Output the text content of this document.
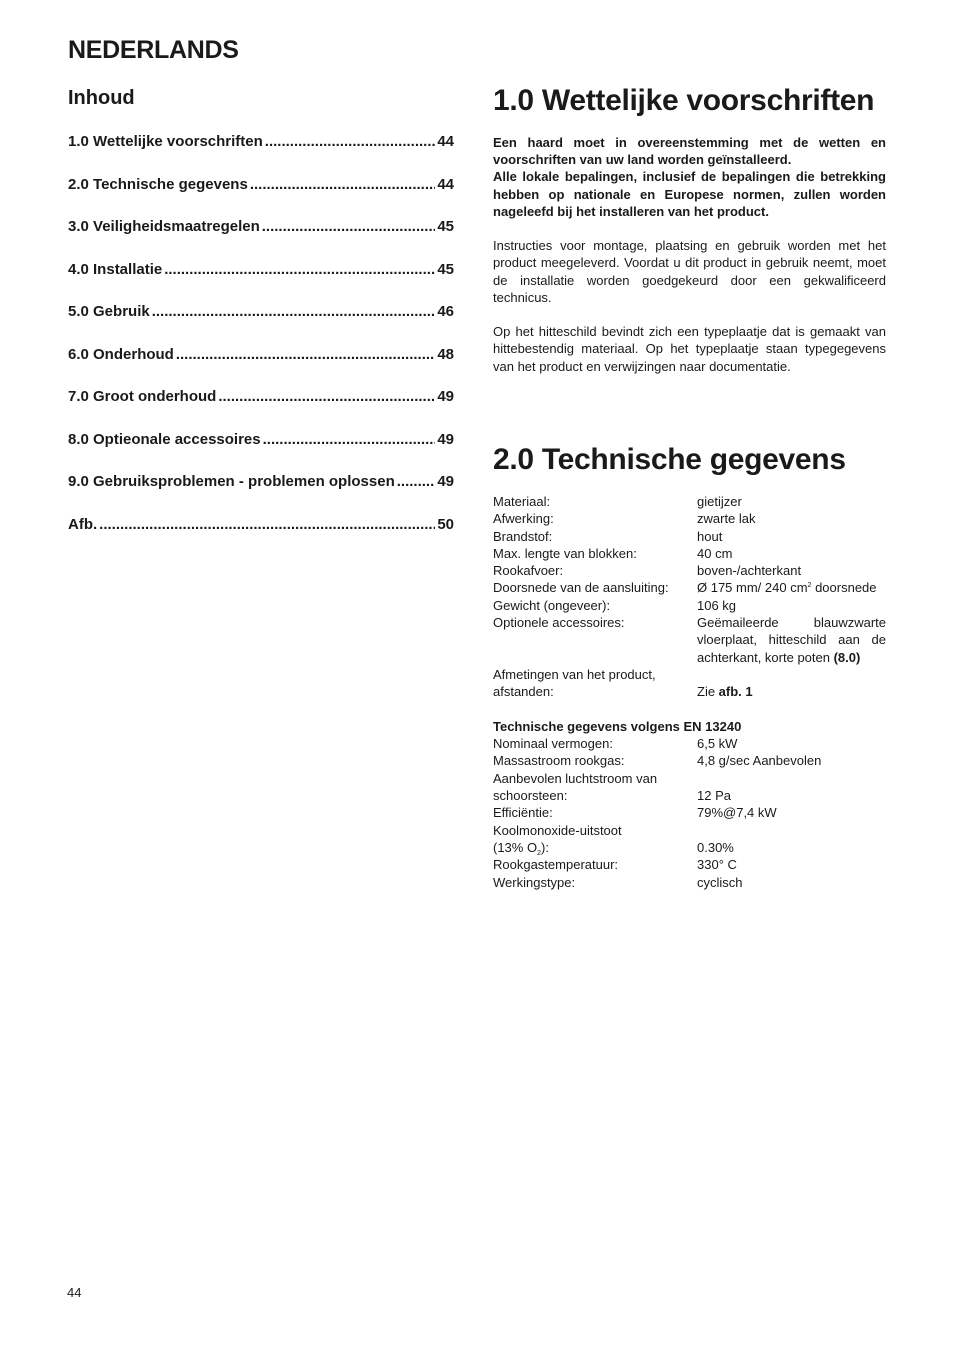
NEDERLANDS
Inhoud
1.0 Wettelijke voorschriften .....	44
2.0 Technische gegevens .....	44
3.0 Veiligheidsmaatregelen .....	45
4.0 Installatie .....	45
5.0 Gebruik .....	46
6.0 Onderhoud .....	48
7.0 Groot onderhoud .....	49
8.0 Optieonale accessoires .....	49
9.0 Gebruiksproblemen - problemen oplossen .....	49
Afb. .....	50
1.0 Wettelijke voorschriften

Een haard moet in overeenstemming met de wetten en voorschriften van uw land worden geïnstalleerd.

Alle lokale bepalingen, inclusief de bepalingen die betrekking hebben op nationale en Europese normen, zullen worden nageleefd bij het installeren van het product.

Instructies voor montage, plaatsing en gebruik worden met het product meegeleverd. Voordat u dit product in gebruik neemt, moet de installatie worden goedgekeurd door een gekwalificeerd technicus.

Op het hitteschild bevindt zich een typeplaatje dat is gemaakt van hittebestendig materiaal. Op het typeplaatje staan typegegevens van het product en verwijzingen naar documentatie.

2.0 Technische gegevens
Materiaal:	gietijzer
Afwerking:	zwarte lak
Brandstof:	hout
Max. lengte van blokken:	40 cm
Rookafvoer:	boven-/achterkant
Doorsnede van de aansluiting:	Ø 175 mm/ 240 $cm^2$ doorsnede
Gewicht (ongeveer):	106 kg
Optionele accessoires:	Geëmaileerde blauwzwarte vloerplaat, hitteschild aan de achterkant, korte poten (8.0)
Afmetingen van het product,
afstanden:	Zie afb. 1
Technische gegevens volgens EN 13240
Nominaal vermogen:	6,5 kW
Massastroom rookgas:	4,8 g/sec Aanbevolen
Aanbevolen luchtstroom van
schoorsteen:	12 Pa
Efficiëntie:	79%@7,4 kW
Koolmonoxide-uitstoot
(13% $O_2$):	0.30%
Rookgastemperatuur:	330° C
Werkingstype:	cyclisch
44
